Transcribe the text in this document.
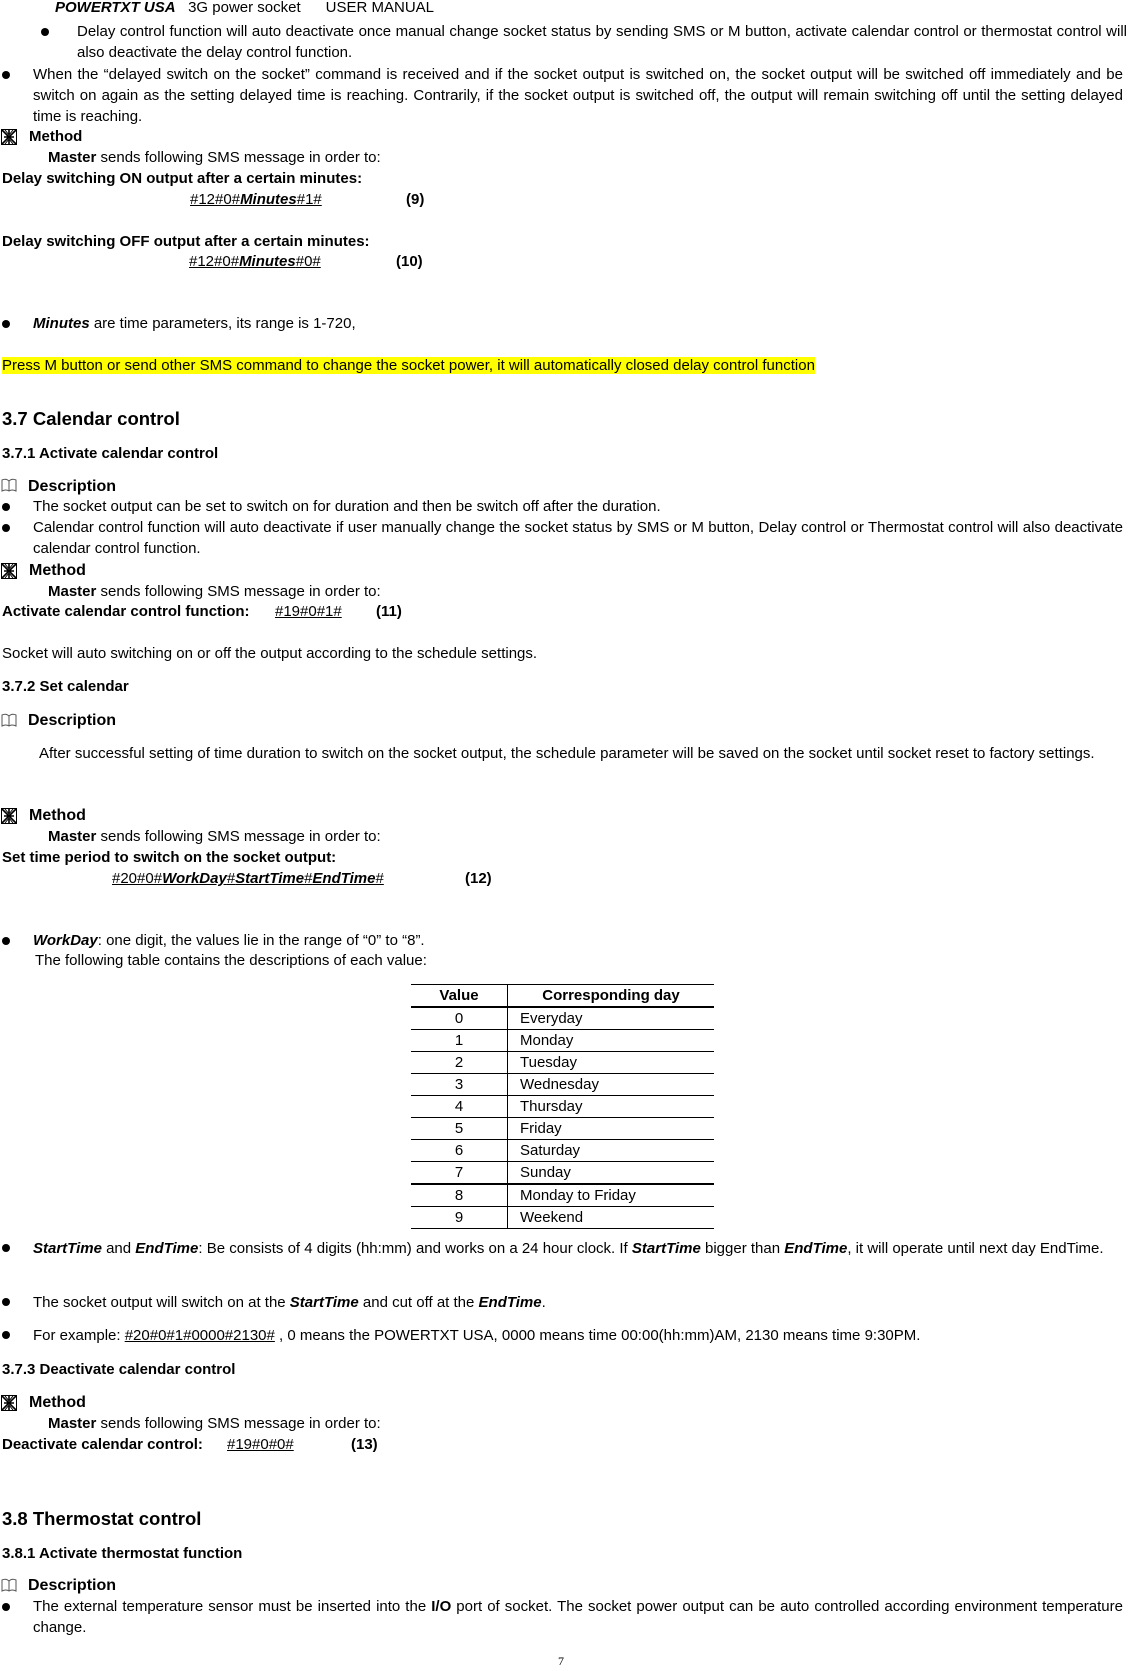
POWERTXT USA 3G power socket USER MANUAL
Delay control function will auto deactivate once manual change socket status by sending SMS or M button, activate calendar control or thermostat control will also deactivate the delay control function.
When the “delayed switch on the socket” command is received and if the socket output is switched on, the socket output will be switched off immediately and be switch on again as the setting delayed time is reaching. Contrarily, if the socket output is switched off, the output will remain switching off until the setting delayed time is reaching.
Method
Master sends following SMS message in order to:
Delay switching ON output after a certain minutes:
#12#0#Minutes#1#	(9)
Delay switching OFF output after a certain minutes:
#12#0#Minutes#0#	(10)
Minutes are time parameters, its range is 1-720,
Press M button or send other SMS command to change the socket power, it will automatically closed delay control function
3.7 Calendar control
3.7.1 Activate calendar control
Description
The socket output can be set to switch on for duration and then be switch off after the duration.
Calendar control function will auto deactivate if user manually change the socket status by SMS or M button, Delay control or Thermostat control will also deactivate calendar control function.
Method
Master sends following SMS message in order to:
Activate calendar control function: #19#0#1# (11)
Socket will auto switching on or off the output according to the schedule settings.
3.7.2 Set calendar
Description
After successful setting of time duration to switch on the socket output, the schedule parameter will be saved on the socket until socket reset to factory settings.
Method
Master sends following SMS message in order to:
Set time period to switch on the socket output:
#20#0#WorkDay#StartTime#EndTime#	(12)
WorkDay: one digit, the values lie in the range of “0” to “8”.
The following table contains the descriptions of each value:
Value	Corresponding day
0	Everyday
1	Monday
2	Tuesday
3	Wednesday
4	Thursday
5	Friday
6	Saturday
7	Sunday
8	Monday to Friday
9	Weekend
StartTime and EndTime: Be consists of 4 digits (hh:mm) and works on a 24 hour clock. If StartTime bigger than EndTime, it will operate until next day EndTime.
The socket output will switch on at the StartTime and cut off at the EndTime.
For example: #20#0#1#0000#2130# , 0 means the POWERTXT USA, 0000 means time 00:00(hh:mm)AM, 2130 means time 9:30PM.
3.7.3 Deactivate calendar control
Method
Master sends following SMS message in order to:
Deactivate calendar control: #19#0#0#	(13)
3.8 Thermostat control
3.8.1 Activate thermostat function
Description
The external temperature sensor must be inserted into the I/O port of socket. The socket power output can be auto controlled according environment temperature change.
7
